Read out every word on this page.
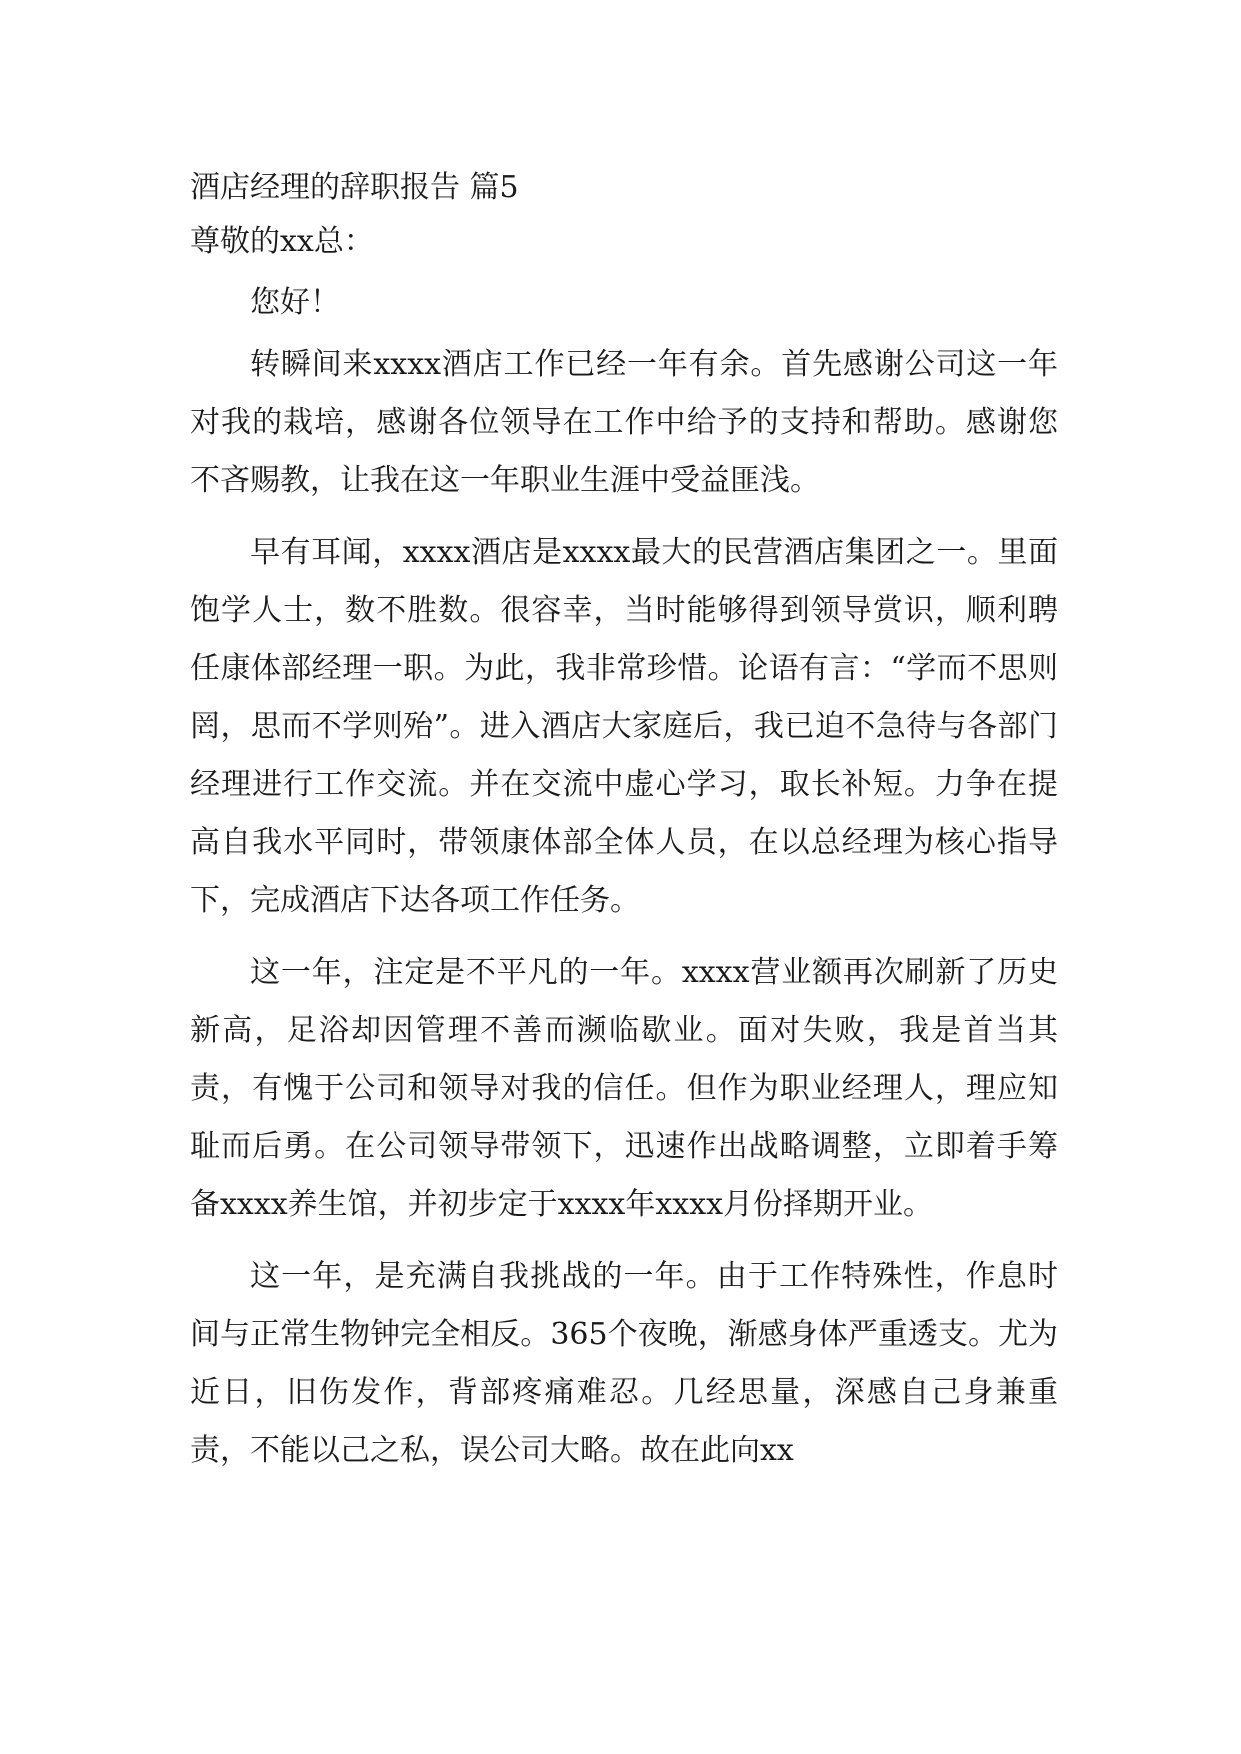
酒店经理的辞职报告 篇5

尊敬的xx总：

您好！

转瞬间来xxxx酒店工作已经一年有余。首先感谢公司这一年对我的栽培，感谢各位领导在工作中给予的支持和帮助。感谢您不吝赐教，让我在这一年职业生涯中受益匪浅。

早有耳闻，xxxx酒店是xxxx最大的民营酒店集团之一。里面饱学人士，数不胜数。很容幸，当时能够得到领导赏识，顺利聘任康体部经理一职。为此，我非常珍惜。论语有言：“学而不思则罔，思而不学则殆”。进入酒店大家庭后，我已迫不急待与各部门经理进行工作交流。并在交流中虚心学习，取长补短。力争在提高自我水平同时，带领康体部全体人员，在以总经理为核心指导下，完成酒店下达各项工作任务。

这一年，注定是不平凡的一年。xxxx营业额再次刷新了历史新高，足浴却因管理不善而濒临歇业。面对失败，我是首当其责，有愧于公司和领导对我的信任。但作为职业经理人，理应知耻而后勇。在公司领导带领下，迅速作出战略调整，立即着手筹备xxxx养生馆，并初步定于xxxx年xxxx月份择期开业。

这一年，是充满自我挑战的一年。由于工作特殊性，作息时间与正常生物钟完全相反。365个夜晚，渐感身体严重透支。尤为近日，旧伤发作，背部疼痛难忍。几经思量，深感自己身兼重责，不能以己之私，误公司大略。故在此向xx
